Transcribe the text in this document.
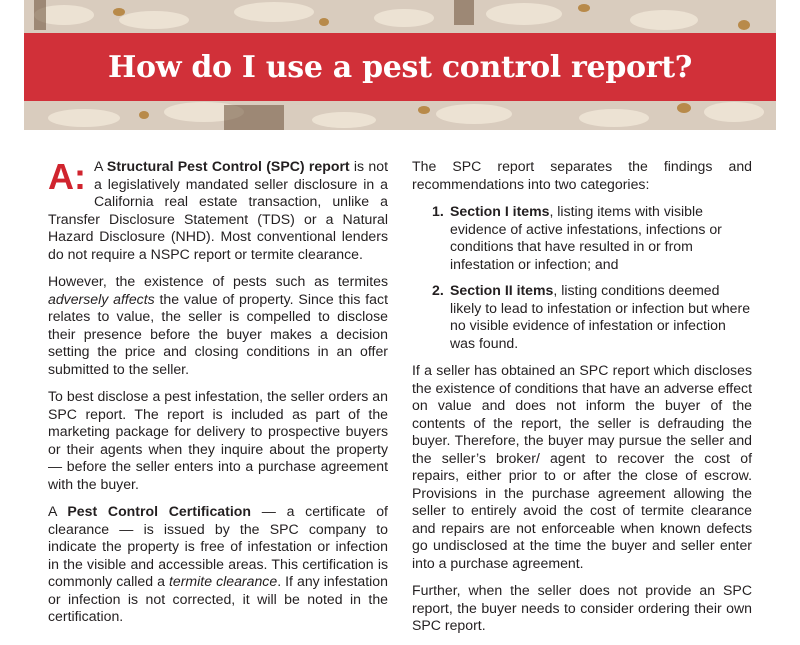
How do I use a pest control report?

A: A Structural Pest Control (SPC) report is not a legislatively mandated seller disclosure in a California real estate transaction, unlike a Transfer Disclosure Statement (TDS) or a Natural Hazard Disclosure (NHD). Most conventional lenders do not require a NSPC report or termite clearance.

However, the existence of pests such as termites adversely affects the value of property. Since this fact relates to value, the seller is compelled to disclose their presence before the buyer makes a decision setting the price and closing conditions in an offer submitted to the seller.

To best disclose a pest infestation, the seller orders an SPC report. The report is included as part of the marketing package for delivery to prospective buyers or their agents when they inquire about the property — before the seller enters into a purchase agreement with the buyer.

A Pest Control Certification — a certificate of clearance — is issued by the SPC company to indicate the property is free of infestation or infection in the visible and accessible areas. This certification is commonly called a termite clearance. If any infestation or infection is not corrected, it will be noted in the certification.

The SPC report separates the findings and recommendations into two categories:

1. Section I items, listing items with visible evidence of active infestations, infections or conditions that have resulted in or from infestation or infection; and
2. Section II items, listing conditions deemed likely to lead to infestation or infection but where no visible evidence of infestation or infection was found.

If a seller has obtained an SPC report which discloses the existence of conditions that have an adverse effect on value and does not inform the buyer of the contents of the report, the seller is defrauding the buyer. Therefore, the buyer may pursue the seller and the seller’s broker/ agent to recover the cost of repairs, either prior to or after the close of escrow. Provisions in the purchase agreement allowing the seller to entirely avoid the cost of termite clearance and repairs are not enforceable when known defects go undisclosed at the time the buyer and seller enter into a purchase agreement.

Further, when the seller does not provide an SPC report, the buyer needs to consider ordering their own SPC report.
